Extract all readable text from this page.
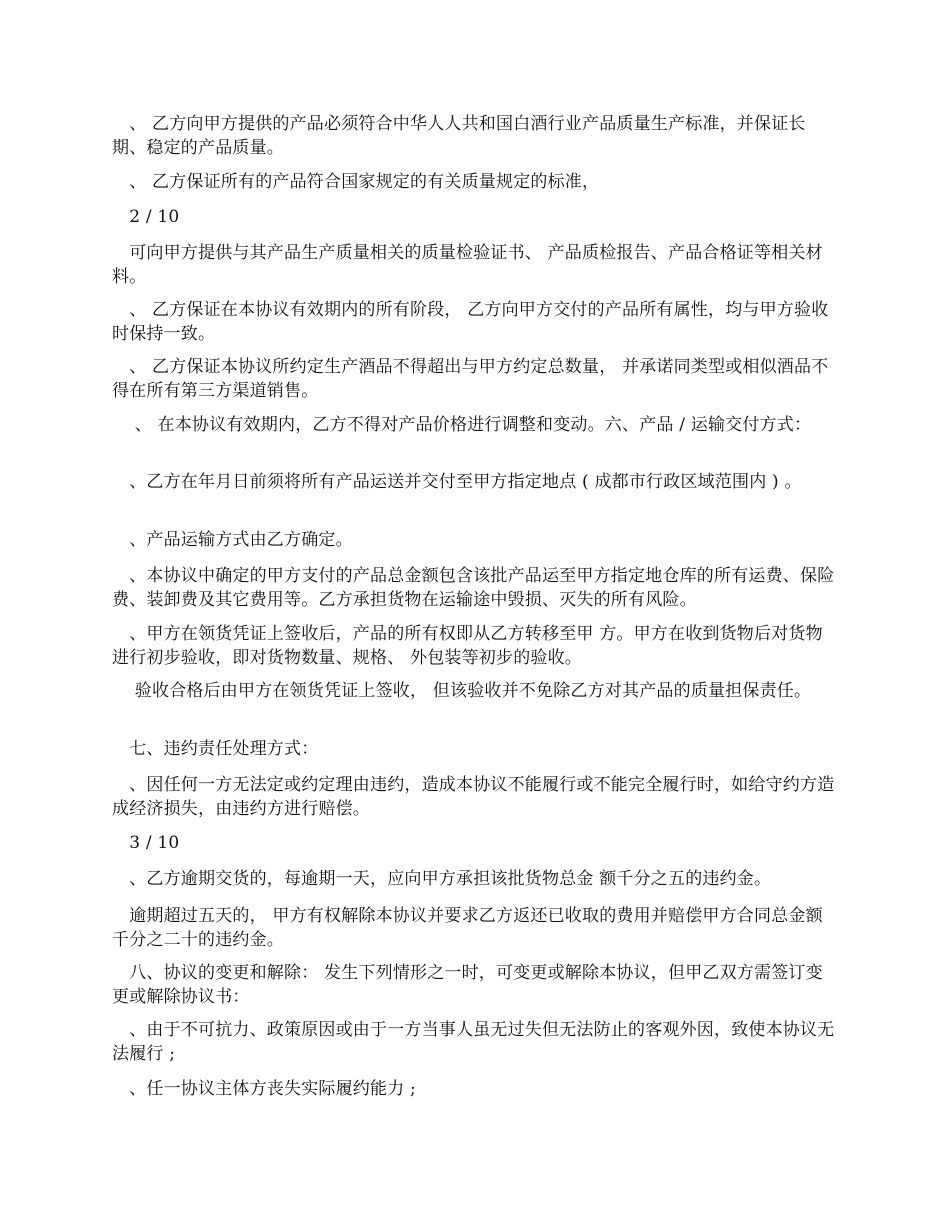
　、 乙方向甲方提供的产品必须符合中华人人共和国白酒行业产品质量生产标准，并保证长期、稳定的产品质量。

　、 乙方保证所有的产品符合国家规定的有关质量规定的标准，

　2 / 10

　可向甲方提供与其产品生产质量相关的质量检验证书、 产品质检报告、产品合格证等相关材料。

　、 乙方保证在本协议有效期内的所有阶段， 乙方向甲方交付的产品所有属性，均与甲方验收时保持一致。

　、 乙方保证本协议所约定生产酒品不得超出与甲方约定总数量， 并承诺同类型或相似酒品不得在所有第三方渠道销售。

　 、 在本协议有效期内，乙方不得对产品价格进行调整和变动。六、产品 / 运输交付方式：

　、乙方在年月日前须将所有产品运送并交付至甲方指定地点 ( 成都市行政区域范围内 ) 。

　、产品运输方式由乙方确定。

　、本协议中确定的甲方支付的产品总金额包含该批产品运至甲方指定地仓库的所有运费、保险费、装卸费及其它费用等。乙方承担货物在运输途中毁损、灭失的所有风险。

　、甲方在领货凭证上签收后，产品的所有权即从乙方转移至甲 方。甲方在收到货物后对货物进行初步验收，即对货物数量、规格、 外包装等初步的验收。

　 验收合格后由甲方在领货凭证上签收， 但该验收并不免除乙方对其产品的质量担保责任。

　七、违约责任处理方式：

　、因任何一方无法定或约定理由违约，造成本协议不能履行或不能完全履行时，如给守约方造成经济损失，由违约方进行赔偿。

　3 / 10

　、乙方逾期交货的，每逾期一天，应向甲方承担该批货物总金 额千分之五的违约金。

　逾期超过五天的， 甲方有权解除本协议并要求乙方返还已收取的费用并赔偿甲方合同总金额千分之二十的违约金。

　八、协议的变更和解除： 发生下列情形之一时，可变更或解除本协议，但甲乙双方需签订变更或解除协议书：

　、由于不可抗力、政策原因或由于一方当事人虽无过失但无法防止的客观外因，致使本协议无法履行 ;

　、任一协议主体方丧失实际履约能力 ;
